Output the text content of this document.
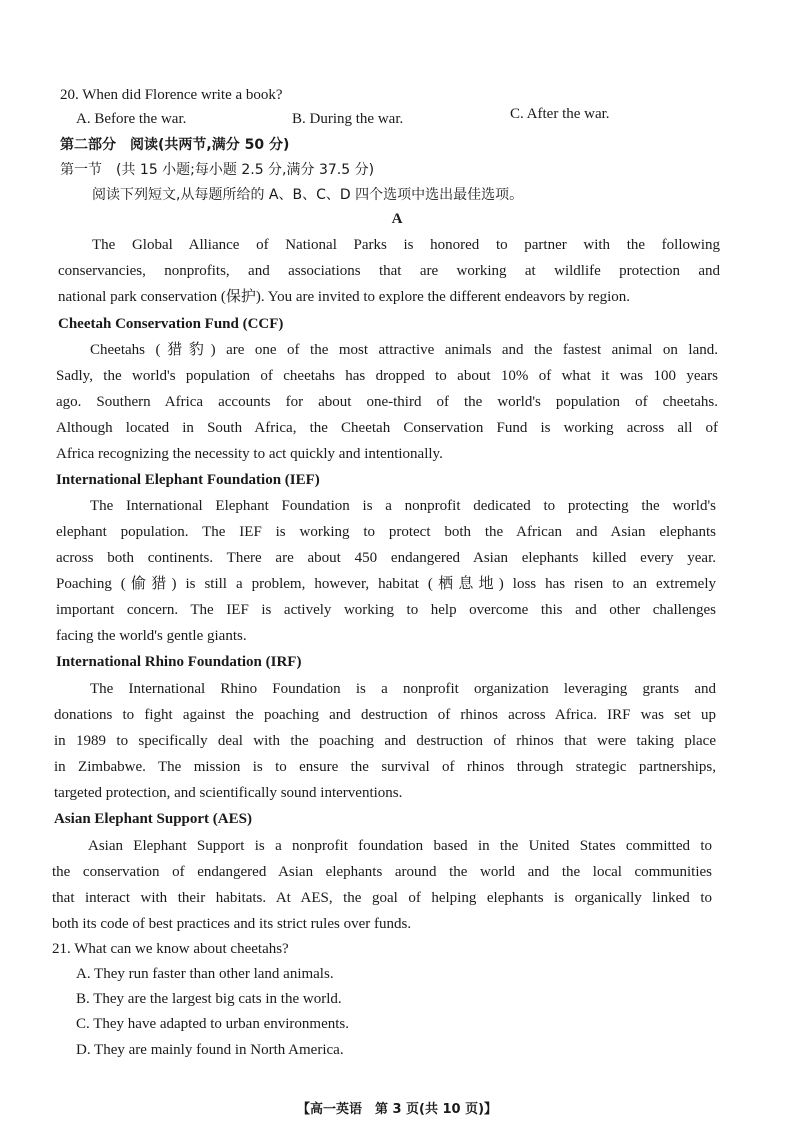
20. When did Florence write a book?
A. Before the war.	B. During the war.	C. After the war.
第二部分　阅读(共两节,满分 50 分)
第一节　(共 15 小题;每小题 2.5 分,满分 37.5 分)
阅读下列短文,从每题所给的 A、B、C、D 四个选项中选出最佳选项。
A
The Global Alliance of National Parks is honored to partner with the following
conservancies, nonprofits, and associations that are working at wildlife protection and
national park conservation (保护). You are invited to explore the different endeavors by region.
Cheetah Conservation Fund (CCF)
Cheetahs (猎豹) are one of the most attractive animals and the fastest animal on land.
Sadly, the world's population of cheetahs has dropped to about 10% of what it was 100 years
ago. Southern Africa accounts for about one-third of the world's population of cheetahs.
Although located in South Africa, the Cheetah Conservation Fund is working across all of
Africa recognizing the necessity to act quickly and intentionally.
International Elephant Foundation (IEF)
The International Elephant Foundation is a nonprofit dedicated to protecting the world's
elephant population. The IEF is working to protect both the African and Asian elephants
across both continents. There are about 450 endangered Asian elephants killed every year.
Poaching (偷猎) is still a problem, however, habitat (栖息地) loss has risen to an extremely
important concern. The IEF is actively working to help overcome this and other challenges
facing the world's gentle giants.
International Rhino Foundation (IRF)
The International Rhino Foundation is a nonprofit organization leveraging grants and
donations to fight against the poaching and destruction of rhinos across Africa. IRF was set up
in 1989 to specifically deal with the poaching and destruction of rhinos that were taking place
in Zimbabwe. The mission is to ensure the survival of rhinos through strategic partnerships,
targeted protection, and scientifically sound interventions.
Asian Elephant Support (AES)
Asian Elephant Support is a nonprofit foundation based in the United States committed to
the conservation of endangered Asian elephants around the world and the local communities
that interact with their habitats. At AES, the goal of helping elephants is organically linked to
both its code of best practices and its strict rules over funds.
21. What can we know about cheetahs?
A. They run faster than other land animals.
B. They are the largest big cats in the world.
C. They have adapted to urban environments.
D. They are mainly found in North America.
【高一英语　第 3 页(共 10 页)】
